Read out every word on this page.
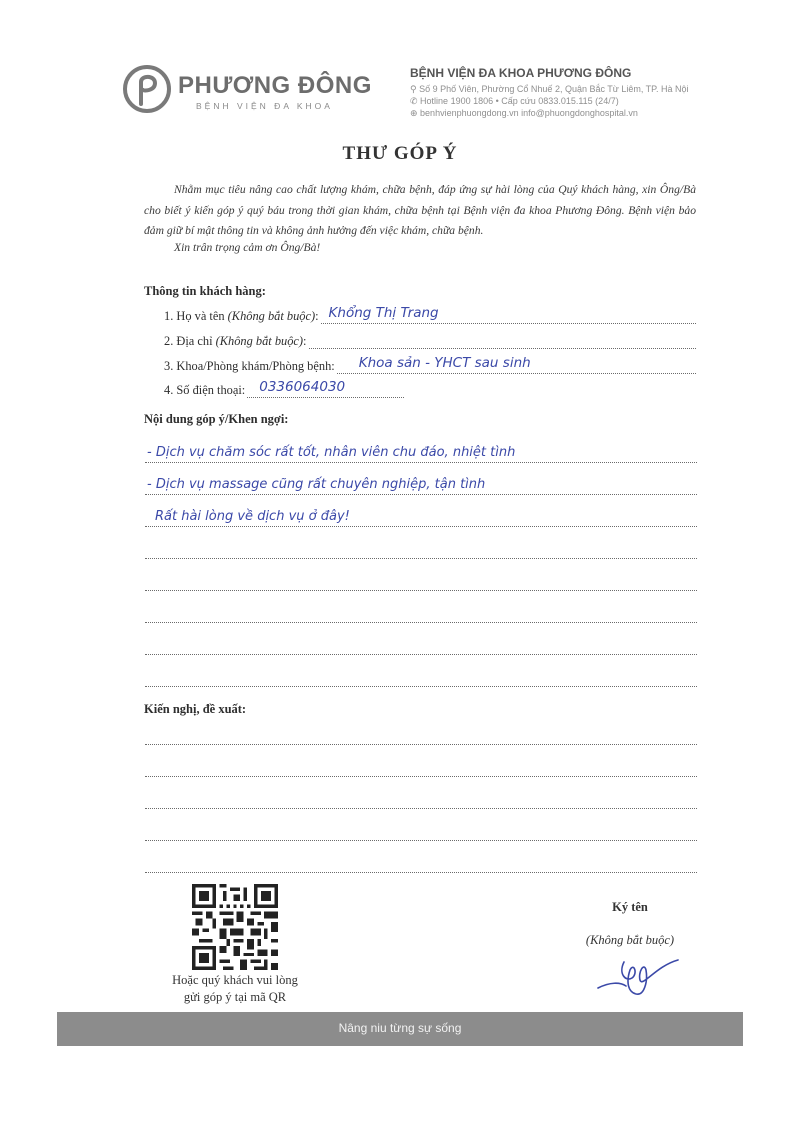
PHƯƠNG ĐÔNG
BỆNH VIỆN ĐA KHOA
BỆNH VIỆN ĐA KHOA PHƯƠNG ĐÔNG
⚲ Số 9 Phố Viên, Phường Cổ Nhuế 2, Quận Bắc Từ Liêm, TP. Hà Nội
✆ Hotline 1900 1806 • Cấp cứu 0833.015.115 (24/7)
⊕ benhvienphuongdong.vn info@phuongdonghospital.vn
THƯ GÓP Ý
Nhằm mục tiêu nâng cao chất lượng khám, chữa bệnh, đáp ứng sự hài lòng của Quý khách hàng, xin Ông/Bà cho biết ý kiến góp ý quý báu trong thời gian khám, chữa bệnh tại Bệnh viện đa khoa Phương Đông. Bệnh viện bảo đảm giữ bí mật thông tin và không ảnh hưởng đến việc khám, chữa bệnh.
Xin trân trọng cảm ơn Ông/Bà!
Thông tin khách hàng:
1. Họ và tên (Không bắt buộc): Khổng Thị Trang
2. Địa chỉ (Không bắt buộc):
3. Khoa/Phòng khám/Phòng bệnh: Khoa sản - YHCT sau sinh
4. Số điện thoại: 0336064030
Nội dung góp ý/Khen ngợi:
- Dịch vụ chăm sóc rất tốt, nhân viên chu đáo, nhiệt tình
- Dịch vụ massage cũng rất chuyên nghiệp, tận tình
Rất hài lòng về dịch vụ ở đây!
Kiến nghị, đề xuất:
Hoặc quý khách vui lòng
gửi góp ý tại mã QR
Ký tên
(Không bắt buộc)
Nâng niu từng sự sống
